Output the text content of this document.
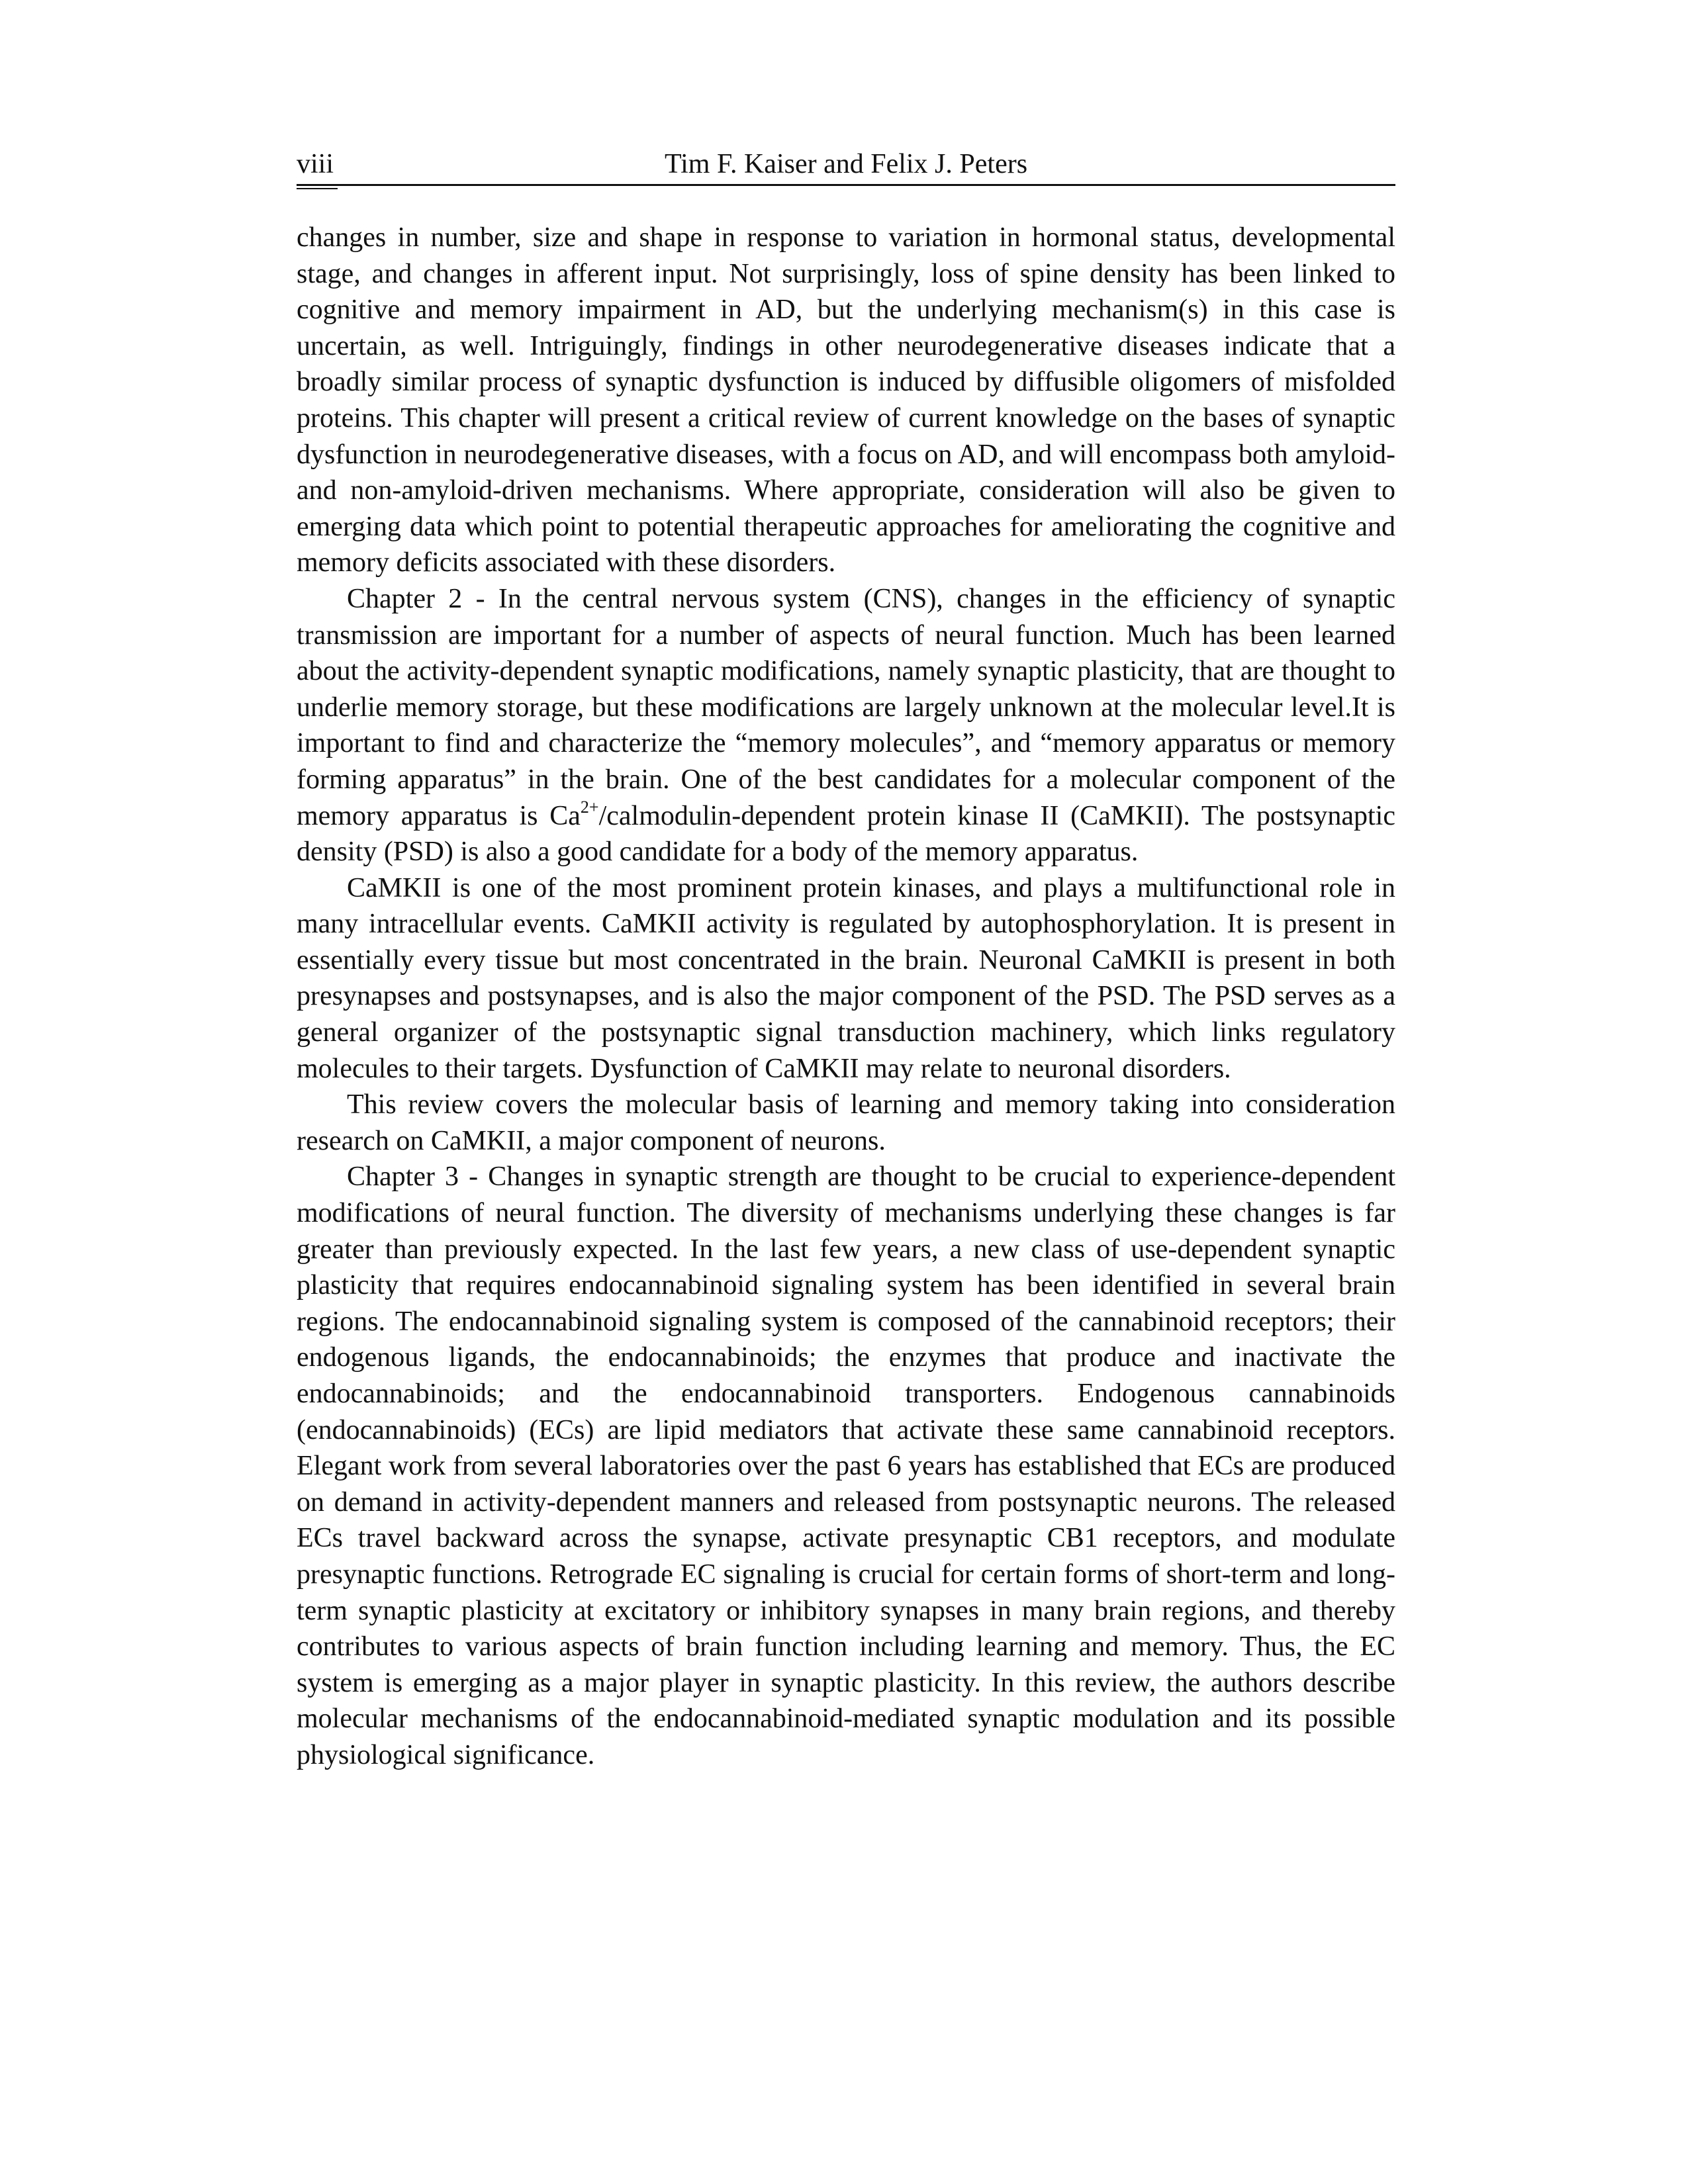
viii	Tim F. Kaiser and Felix J. Peters

changes in number, size and shape in response to variation in hormonal status, developmental stage, and changes in afferent input. Not surprisingly, loss of spine density has been linked to cognitive and memory impairment in AD, but the underlying mechanism(s) in this case is uncertain, as well. Intriguingly, findings in other neurodegenerative diseases indicate that a broadly similar process of synaptic dysfunction is induced by diffusible oligomers of misfolded proteins. This chapter will present a critical review of current knowledge on the bases of synaptic dysfunction in neurodegenerative diseases, with a focus on AD, and will encompass both amyloid- and non-amyloid-driven mechanisms. Where appropriate, consideration will also be given to emerging data which point to potential therapeutic approaches for ameliorating the cognitive and memory deficits associated with these disorders.

Chapter 2 - In the central nervous system (CNS), changes in the efficiency of synaptic transmission are important for a number of aspects of neural function. Much has been learned about the activity-dependent synaptic modifications, namely synaptic plasticity, that are thought to underlie memory storage, but these modifications are largely unknown at the molecular level.It is important to find and characterize the “memory molecules”, and “memory apparatus or memory forming apparatus” in the brain. One of the best candidates for a molecular component of the memory apparatus is $Ca^{2+}/calmodulin$-dependent protein kinase II (CaMKII). The postsynaptic density (PSD) is also a good candidate for a body of the memory apparatus.

CaMKII is one of the most prominent protein kinases, and plays a multifunctional role in many intracellular events. CaMKII activity is regulated by autophosphorylation. It is present in essentially every tissue but most concentrated in the brain. Neuronal CaMKII is present in both presynapses and postsynapses, and is also the major component of the PSD. The PSD serves as a general organizer of the postsynaptic signal transduction machinery, which links regulatory molecules to their targets. Dysfunction of CaMKII may relate to neuronal disorders.

This review covers the molecular basis of learning and memory taking into consideration research on CaMKII, a major component of neurons.

Chapter 3 - Changes in synaptic strength are thought to be crucial to experience-dependent modifications of neural function. The diversity of mechanisms underlying these changes is far greater than previously expected. In the last few years, a new class of use-dependent synaptic plasticity that requires endocannabinoid signaling system has been identified in several brain regions. The endocannabinoid signaling system is composed of the cannabinoid receptors; their endogenous ligands, the endocannabinoids; the enzymes that produce and inactivate the endocannabinoids; and the endocannabinoid transporters. Endogenous cannabinoids (endocannabinoids) (ECs) are lipid mediators that activate these same cannabinoid receptors. Elegant work from several laboratories over the past 6 years has established that ECs are produced on demand in activity-dependent manners and released from postsynaptic neurons. The released ECs travel backward across the synapse, activate presynaptic CB1 receptors, and modulate presynaptic functions. Retrograde EC signaling is crucial for certain forms of short-term and long-term synaptic plasticity at excitatory or inhibitory synapses in many brain regions, and thereby contributes to various aspects of brain function including learning and memory. Thus, the EC system is emerging as a major player in synaptic plasticity. In this review, the authors describe molecular mechanisms of the endocannabinoid-mediated synaptic modulation and its possible physiological significance.
